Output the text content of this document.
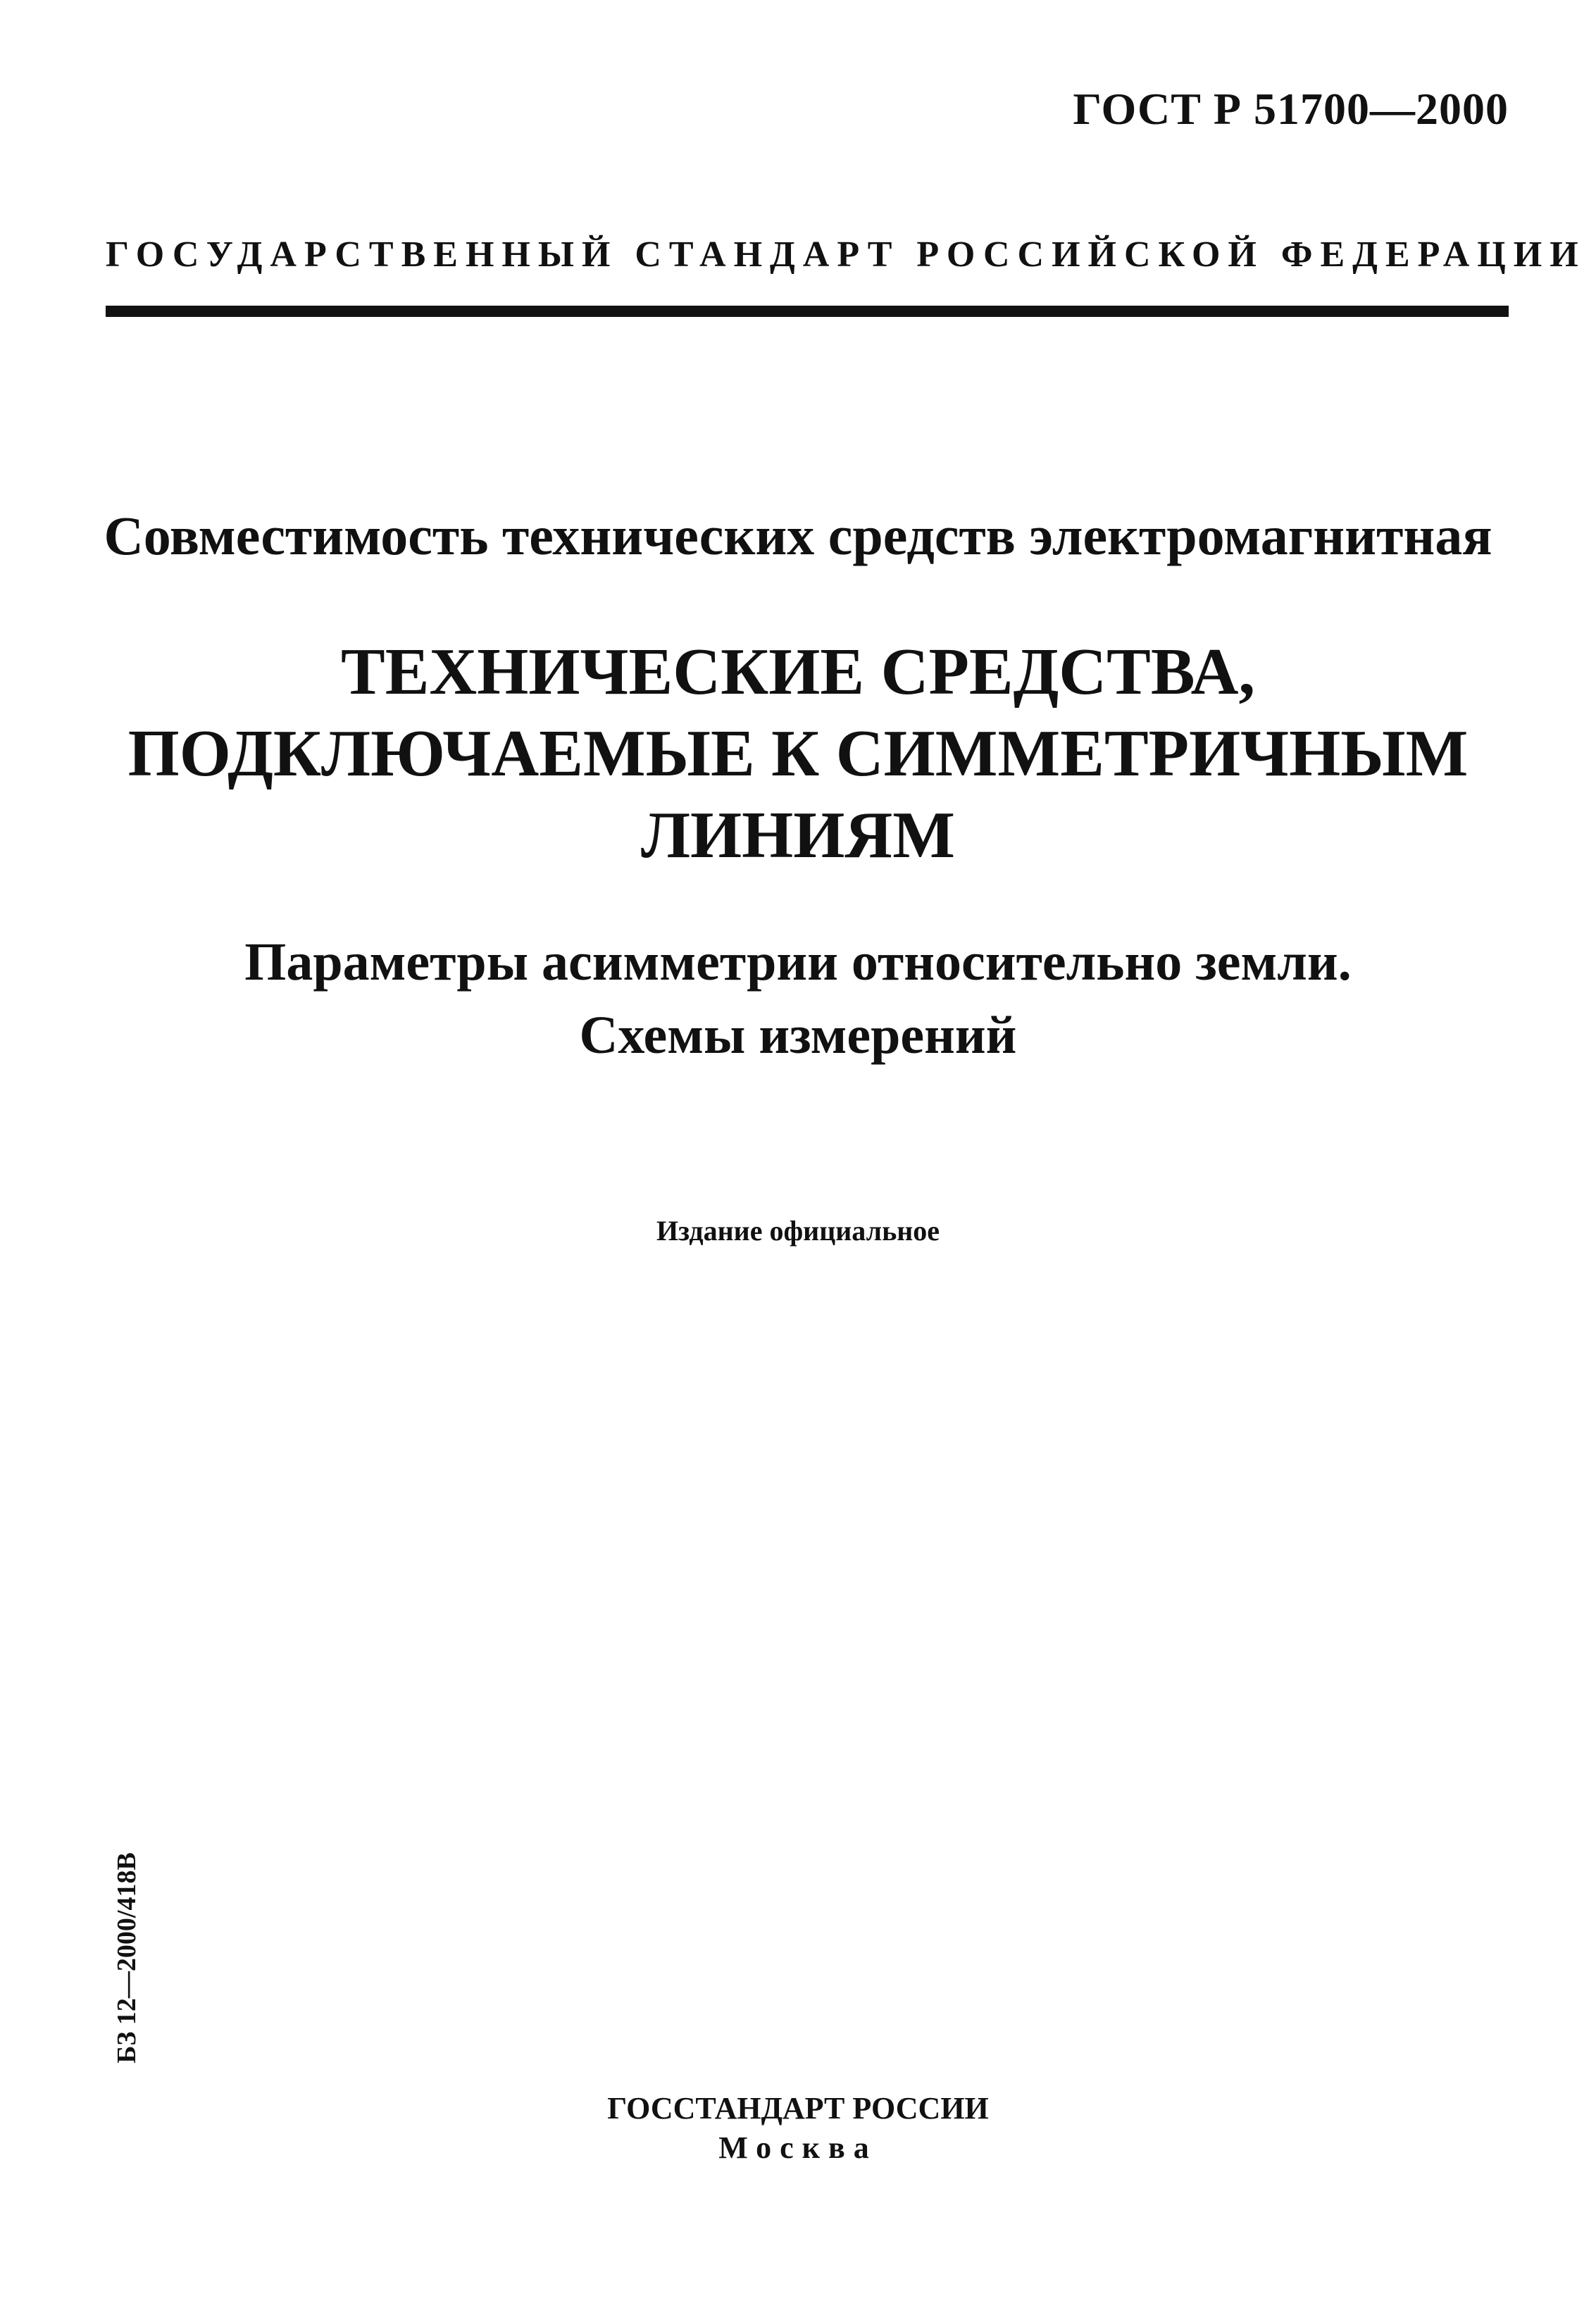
ГОСТ Р 51700—2000
ГОСУДАРСТВЕННЫЙ СТАНДАРТ РОССИЙСКОЙ ФЕДЕРАЦИИ
Совместимость технических средств электромагнитная
ТЕХНИЧЕСКИЕ СРЕДСТВА,
ПОДКЛЮЧАЕМЫЕ К СИММЕТРИЧНЫМ
ЛИНИЯМ
Параметры асимметрии относительно земли.
Схемы измерений
Издание официальное
БЗ 12—2000/418В
ГОССТАНДАРТ РОССИИ
Москва
